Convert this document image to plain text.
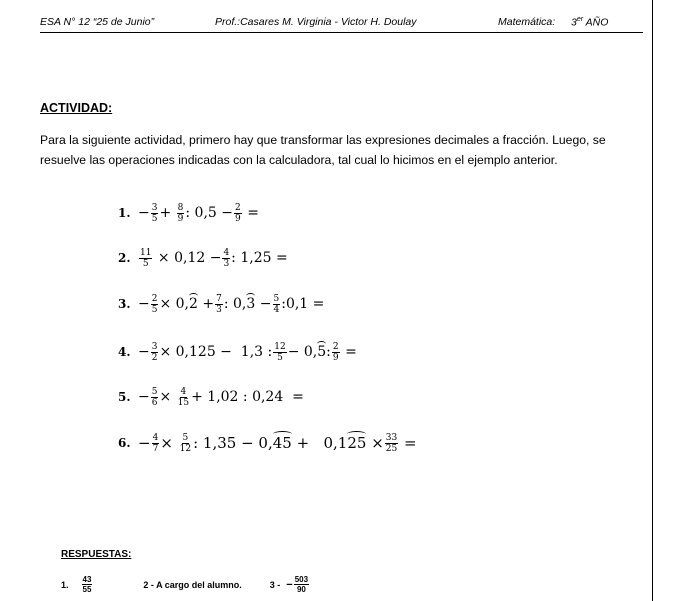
ESA N° 12 “25 de Junio”	Prof.:Casares M. Virginia - Victor H. Doulay	Matemática: 3er AÑO
ACTIVIDAD:
Para la siguiente actividad, primero hay que transformar las expresiones decimales a fracción. Luego, se resuelve las operaciones indicadas con la calculadora, tal cual lo hicimos en el ejemplo anterior.
1. − $\frac{3}{5} + \frac{8}{9}$ : $0,5 - \frac{2}{9}$ =
2. $\frac{11}{5} \times 0,12 - \frac{4}{3}$ : 1,25 =
3. − $\frac{2}{5} \times 0$, $2 + \frac{7}{3}$ : 0, $3 - \frac{5}{4}$ :0,1 =
4. − $\frac{3}{2} \times 0,125 - 1,3$ : $\frac{12}{5} - 0$, 5 : $\frac{2}{9}$ =
5. − $\frac{5}{6} \times \frac{4}{15} + 1,02$ : 0,24  =
6. − $\frac{4}{7} \times \frac{5}{12}$ : 1,35 − 0, 45 +   0,1 $25 \times \frac{33}{25}$ =
RESPUESTAS:
1. $\frac{43}{55}$	2 - A cargo del alumno.	3 - − $\frac{503}{90}$
